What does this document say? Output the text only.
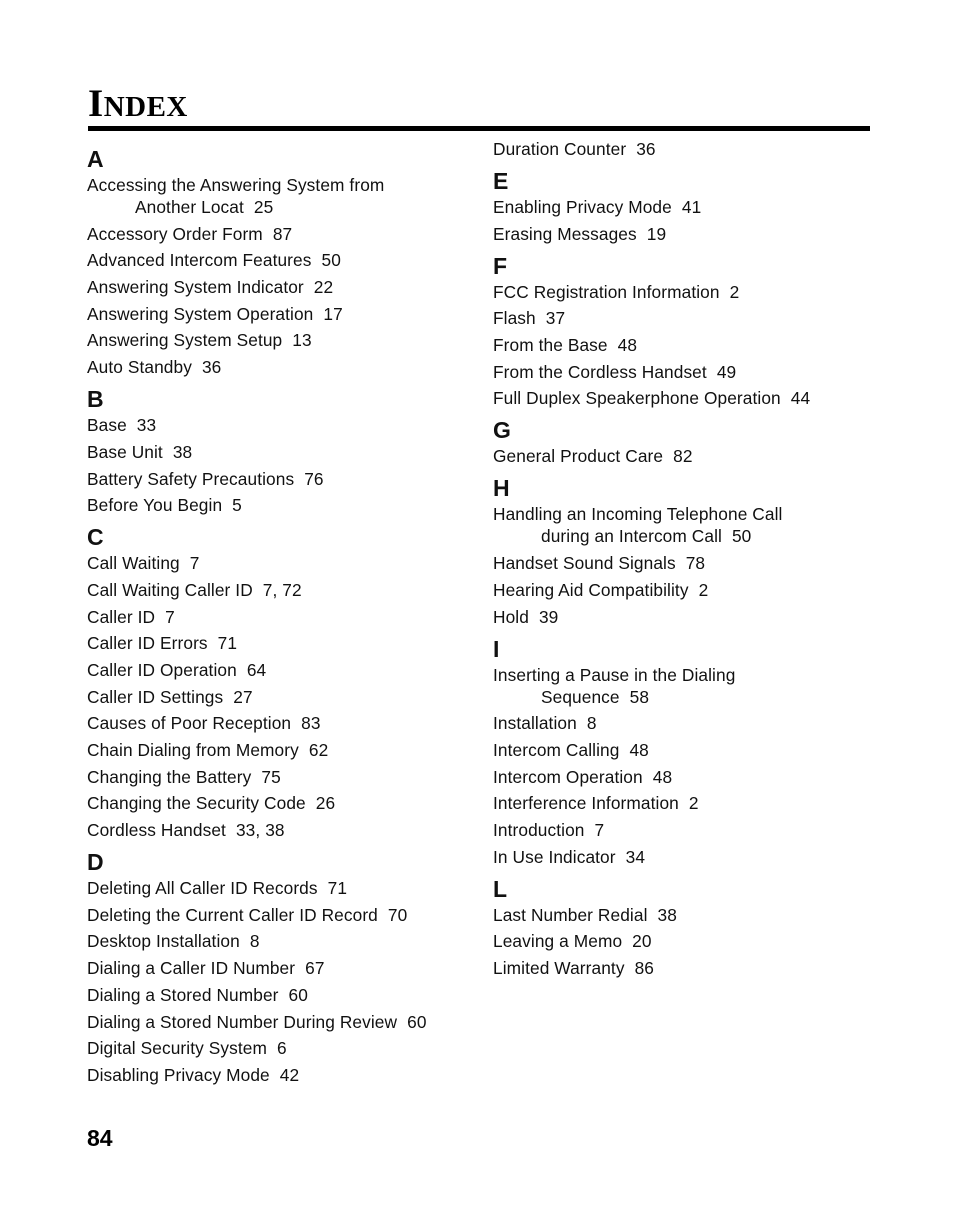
INDEX
A
Accessing the Answering System from
Another Locat 25
Accessory Order Form 87
Advanced Intercom Features 50
Answering System Indicator 22
Answering System Operation 17
Answering System Setup 13
Auto Standby 36
B
Base 33
Base Unit 38
Battery Safety Precautions 76
Before You Begin 5
C
Call Waiting 7
Call Waiting Caller ID 7, 72
Caller ID 7
Caller ID Errors 71
Caller ID Operation 64
Caller ID Settings 27
Causes of Poor Reception 83
Chain Dialing from Memory 62
Changing the Battery 75
Changing the Security Code 26
Cordless Handset 33, 38
D
Deleting All Caller ID Records 71
Deleting the Current Caller ID Record 70
Desktop Installation 8
Dialing a Caller ID Number 67
Dialing a Stored Number 60
Dialing a Stored Number During Review 60
Digital Security System 6
Disabling Privacy Mode 42
Duration Counter 36
E
Enabling Privacy Mode 41
Erasing Messages 19
F
FCC Registration Information 2
Flash 37
From the Base 48
From the Cordless Handset 49
Full Duplex Speakerphone Operation 44
G
General Product Care 82
H
Handling an Incoming Telephone Call
during an Intercom Call 50
Handset Sound Signals 78
Hearing Aid Compatibility 2
Hold 39
I
Inserting a Pause in the Dialing
Sequence 58
Installation 8
Intercom Calling 48
Intercom Operation 48
Interference Information 2
Introduction 7
In Use Indicator 34
L
Last Number Redial 38
Leaving a Memo 20
Limited Warranty 86
84
